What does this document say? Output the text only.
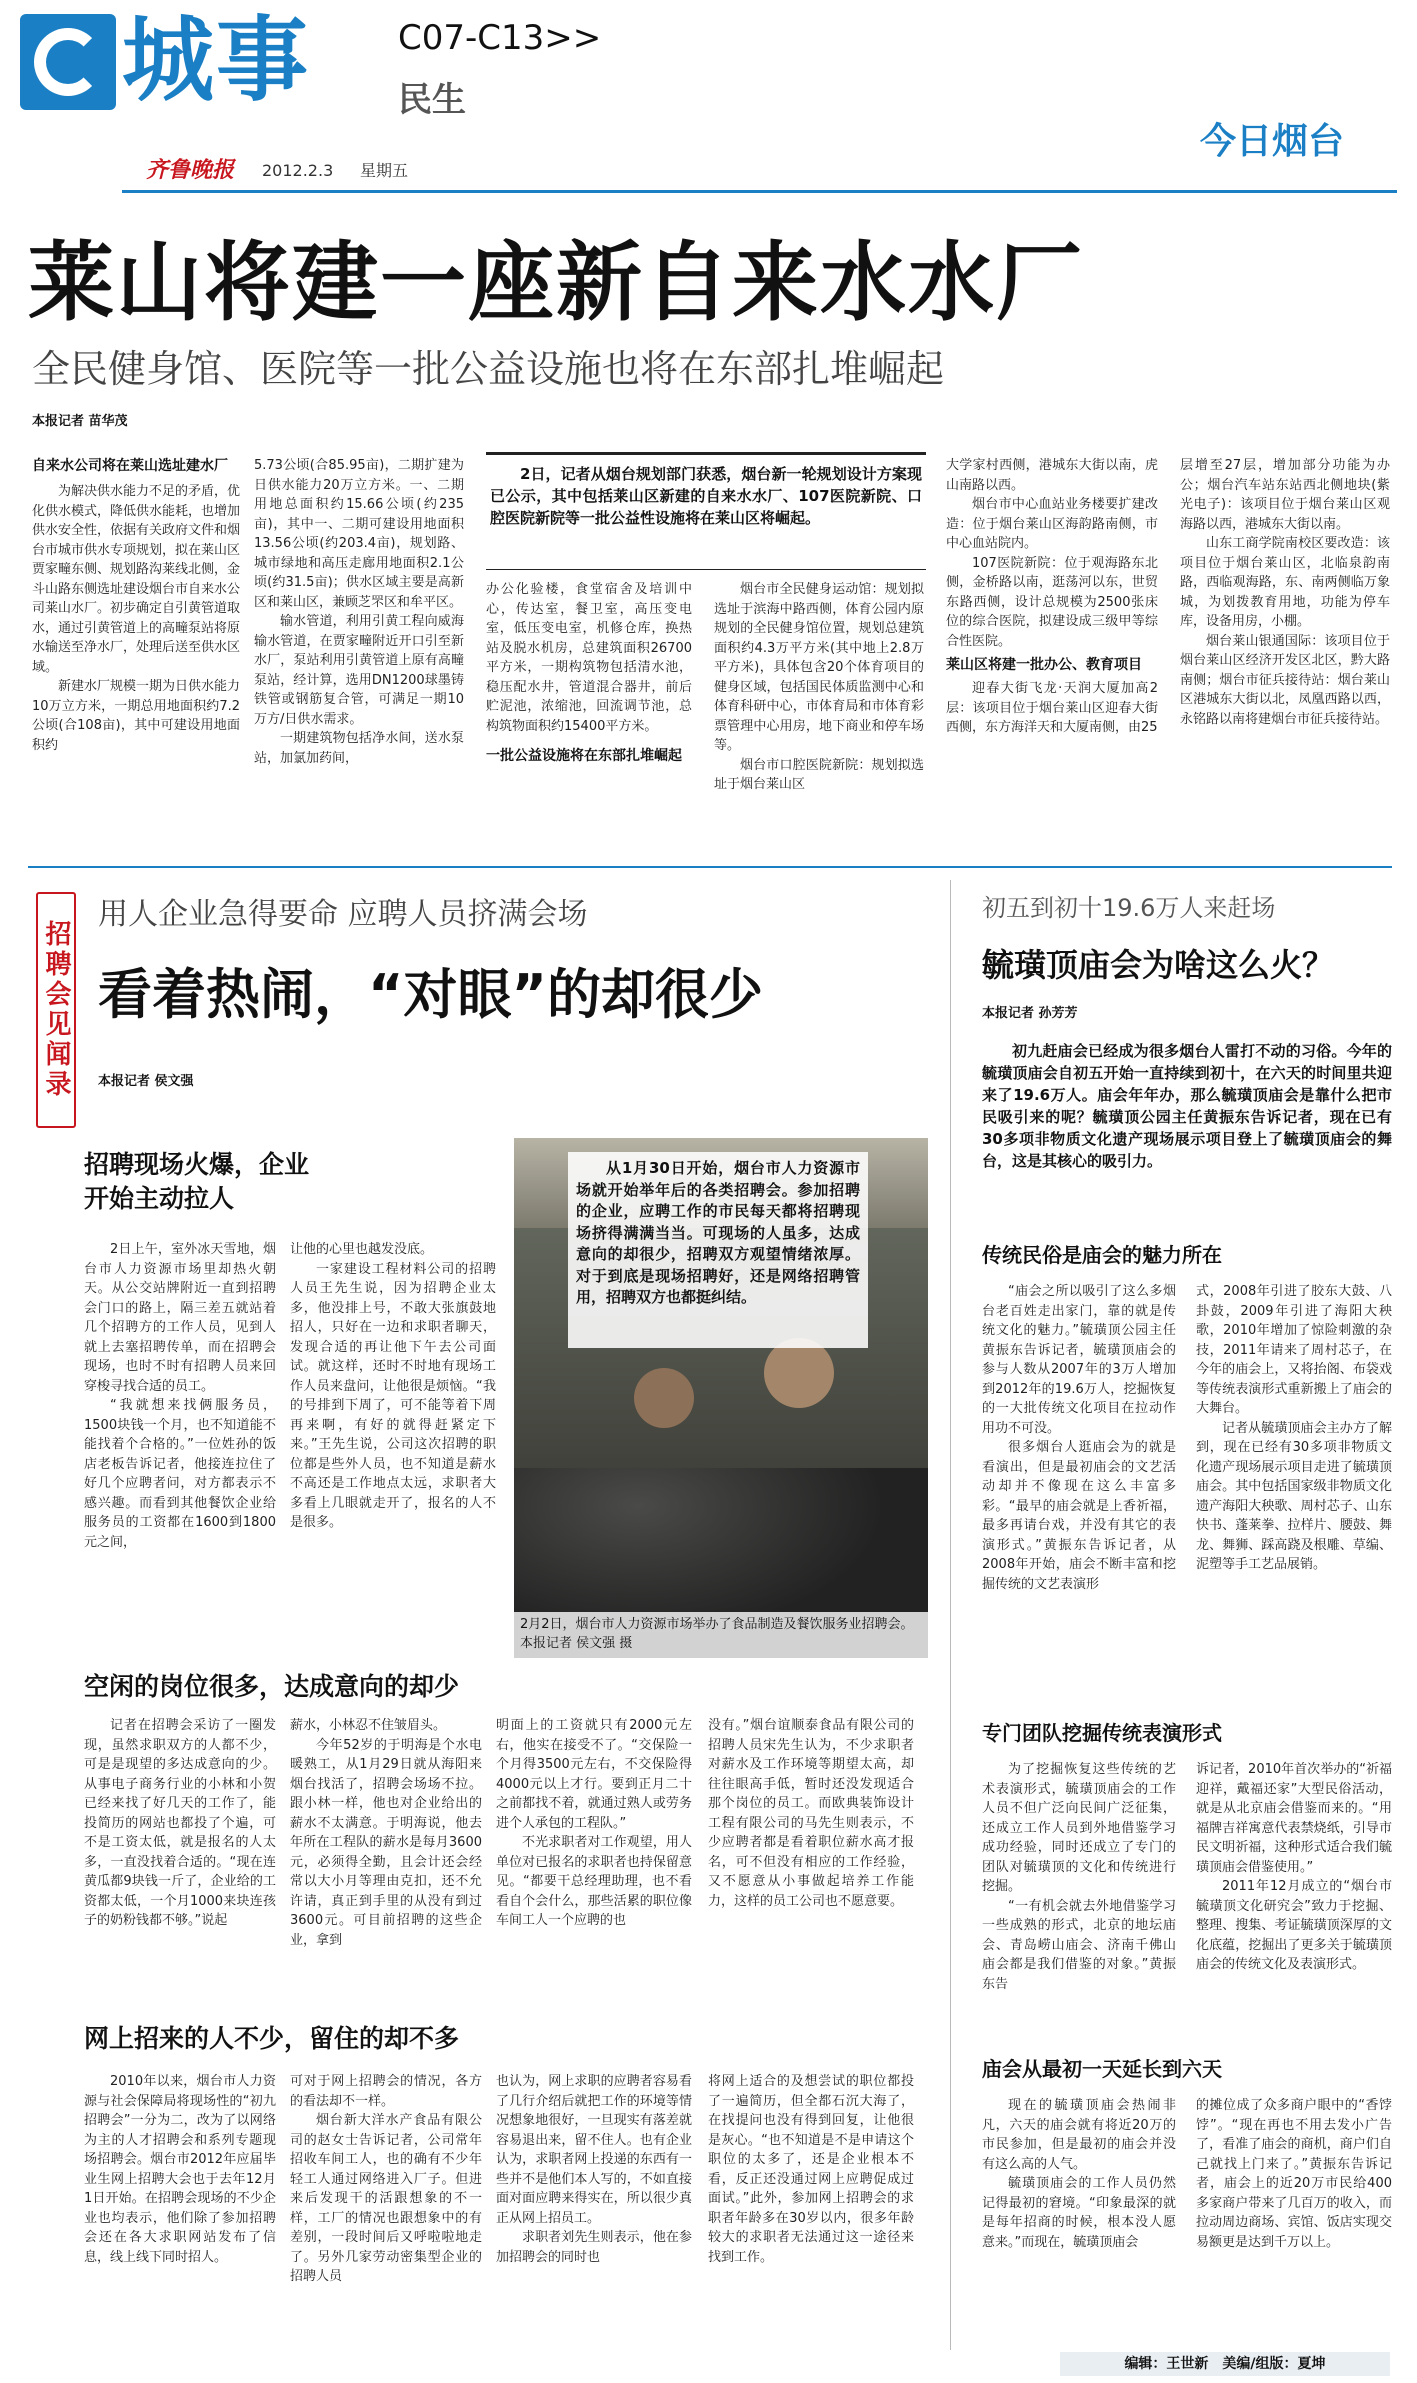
城事	C07-C13>>
民生
齐鲁晚报 2012.2.3 星期五
今日烟台
莱山将建一座新自来水水厂
全民健身馆、医院等一批公益设施也将在东部扎堆崛起
本报记者 苗华茂
自来水公司将在莱山选址建水厂
为解决供水能力不足的矛盾，优化供水模式，降低供水能耗，也增加供水安全性，依据有关政府文件和烟台市城市供水专项规划，拟在莱山区贾家疃东侧、规划路沟莱线北侧，金斗山路东侧选址建设烟台市自来水公司莱山水厂。初步确定自引黄管道取水，通过引黄管道上的高疃泵站将原水输送至净水厂，处理后送至供水区域。
新建水厂规模一期为日供水能力10万立方米，一期总用地面积约7.2公顷(合108亩)，其中可建设用地面积约
5.73公顷(合85.95亩)，二期扩建为日供水能力20万立方米。一、二期用地总面积约15.66公顷(约235亩)，其中一、二期可建设用地面积13.56公顷(约203.4亩)，规划路、城市绿地和高压走廊用地面积2.1公顷(约31.5亩)；供水区域主要是高新区和莱山区，兼顾芝罘区和牟平区。
输水管道，利用引黄工程向威海输水管道，在贾家疃附近开口引至新水厂，泵站利用引黄管道上原有高疃泵站，经计算，选用DN1200球墨铸铁管或钢筋复合管，可满足一期10万方/日供水需求。
一期建筑物包括净水间，送水泵站，加氯加药间，
2日，记者从烟台规划部门获悉，烟台新一轮规划设计方案现已公示，其中包括莱山区新建的自来水水厂、107医院新院、口腔医院新院等一批公益性设施将在莱山区将崛起。
办公化验楼，食堂宿舍及培训中心，传达室，餐卫室，高压变电室，低压变电室，机修仓库，换热站及脱水机房，总建筑面积26700平方米，一期构筑物包括清水池，稳压配水井，管道混合器井，前后贮泥池，浓缩池，回流调节池，总构筑物面积约15400平方米。
一批公益设施将在东部扎堆崛起
烟台市全民健身运动馆：规划拟选址于滨海中路西侧，体育公园内原规划的全民健身馆位置，规划总建筑面积约4.3万平方米(其中地上2.8万平方米)，具体包含20个体育项目的健身区域，包括国民体质监测中心和体育科研中心，市体育局和市体育彩票管理中心用房，地下商业和停车场等。
烟台市口腔医院新院：规划拟选址于烟台莱山区
大学家村西侧，港城东大街以南，虎山南路以西。
烟台市中心血站业务楼要扩建改造：位于烟台莱山区海韵路南侧，市中心血站院内。
107医院新院：位于观海路东北侧，金桥路以南，逛荡河以东，世贸东路西侧，设计总规模为2500张床位的综合医院，拟建设成三级甲等综合性医院。
莱山区将建一批办公、教育项目
迎春大街飞龙·天润大厦加高2层：该项目位于烟台莱山区迎春大街西侧，东方海洋天和大厦南侧，由25
层增至27层，增加部分功能为办公；烟台汽车站东站西北侧地块(紫光电子)：该项目位于烟台莱山区观海路以西，港城东大街以南。
山东工商学院南校区要改造：该项目位于烟台莱山区，北临泉韵南路，西临观海路，东、南两侧临万象城，为划拨教育用地，功能为停车库，设备用房，小棚。
烟台莱山银通国际：该项目位于烟台莱山区经济开发区北区，黔大路南侧；烟台市征兵接待站：烟台莱山区港城东大街以北，凤凰西路以西，永铭路以南将建烟台市征兵接待站。
招聘会见闻录
用人企业急得要命 应聘人员挤满会场
看着热闹，“对眼”的却很少
本报记者 侯文强
招聘现场火爆，企业开始主动拉人
2日上午，室外冰天雪地，烟台市人力资源市场里却热火朝天。从公交站牌附近一直到招聘会门口的路上，隔三差五就站着几个招聘方的工作人员，见到人就上去塞招聘传单，而在招聘会现场，也时不时有招聘人员来回穿梭寻找合适的员工。
“我就想来找俩服务员，1500块钱一个月，也不知道能不能找着个合格的。”一位姓孙的饭店老板告诉记者，他接连拉住了好几个应聘者问，对方都表示不感兴趣。而看到其他餐饮企业给服务员的工资都在1600到1800元之间，
让他的心里也越发没底。
一家建设工程材料公司的招聘人员王先生说，因为招聘企业太多，他没排上号，不敢大张旗鼓地招人，只好在一边和求职者聊天，发现合适的再让他下午去公司面试。就这样，还时不时地有现场工作人员来盘问，让他很是烦恼。“我的号排到下周了，可不能等着下周再来啊，有好的就得赶紧定下来。”王先生说，公司这次招聘的职位都是些外人员，也不知道是薪水不高还是工作地点太远，求职者大多看上几眼就走开了，报名的人不是很多。
从1月30日开始，烟台市人力资源市场就开始举年后的各类招聘会。参加招聘的企业，应聘工作的市民每天都将招聘现场挤得满满当当。可现场的人虽多，达成意向的却很少，招聘双方观望情绪浓厚。对于到底是现场招聘好，还是网络招聘管用，招聘双方也都挺纠结。
2月2日，烟台市人力资源市场举办了食品制造及餐饮服务业招聘会。 本报记者 侯文强 摄
空闲的岗位很多，达成意向的却少
记者在招聘会采访了一圈发现，虽然求职双方的人都不少，可是是现望的多达成意向的少。从事电子商务行业的小林和小贺已经来找了好几天的工作了，能投简历的网站也都投了个遍，可不是工资太低，就是报名的人太多，一直没找着合适的。“现在连黄瓜都9块钱一斤了，企业给的工资都太低，一个月1000来块连孩子的奶粉钱都不够。”说起
薪水，小林忍不住皱眉头。
今年52岁的于明海是个水电暖熟工，从1月29日就从海阳来烟台找活了，招聘会场场不拉。跟小林一样，他也对企业给出的薪水不太满意。于明海说，他去年所在工程队的薪水是每月3600元，必须得全勤，且会计还会经常以大小月等理由克扣，还不允许请，真正到手里的从没有到过3600元。可目前招聘的这些企业，拿到
明面上的工资就只有2000元左右，他实在接受不了。“交保险一个月得3500元左右，不交保险得4000元以上才行。要到正月二十之前都找不着，就通过熟人或劳务进个人承包的工程队。”
不光求职者对工作观望，用人单位对已报名的求职者也持保留意见。“都要干总经理助理，也不看看自个会什么，那些活累的职位像车间工人一个应聘的也
没有。”烟台谊顺泰食品有限公司的招聘人员宋先生认为，不少求职者对薪水及工作环境等期望太高，却往往眼高手低，暂时还没发现适合那个岗位的员工。而欧典装饰设计工程有限公司的马先生则表示，不少应聘者都是看着职位薪水高才报名，可不但没有相应的工作经验，又不愿意从小事做起培养工作能力，这样的员工公司也不愿意要。
网上招来的人不少，留住的却不多
2010年以来，烟台市人力资源与社会保障局将现场性的“初九招聘会”一分为二，改为了以网络为主的人才招聘会和系列专题现场招聘会。烟台市2012年应届毕业生网上招聘大会也于去年12月1日开始。在招聘会现场的不少企业也均表示，他们除了参加招聘会还在各大求职网站发布了信息，线上线下同时招人。
可对于网上招聘会的情况，各方的看法却不一样。
烟台新大洋水产食品有限公司的赵女士告诉记者，公司常年招收车间工人，也的确有不少年轻工人通过网络进入厂子。但进来后发现干的活跟想象的不一样，工厂的情况也跟想象中的有差别，一段时间后又呼啦啦地走了。另外几家劳动密集型企业的招聘人员
也认为，网上求职的应聘者容易看了几行介绍后就把工作的环境等情况想象地很好，一旦现实有落差就容易退出来，留不住人。也有企业认为，求职者网上投递的东西有一些并不是他们本人写的，不如直接面对面应聘来得实在，所以很少真正从网上招员工。
求职者刘先生则表示，他在参加招聘会的同时也
将网上适合的及想尝试的职位都投了一遍简历，但全都石沉大海了，在找提问也没有得到回复，让他很是灰心。“也不知道是不是申请这个职位的太多了，还是企业根本不看，反正还没通过网上应聘促成过面试。”此外，参加网上招聘会的求职者年龄多在30岁以内，很多年龄较大的求职者无法通过这一途径来找到工作。
初五到初十19.6万人来赶场
毓璜顶庙会为啥这么火？
本报记者 孙芳芳
初九赶庙会已经成为很多烟台人雷打不动的习俗。今年的毓璜顶庙会自初五开始一直持续到初十，在六天的时间里共迎来了19.6万人。庙会年年办，那么毓璜顶庙会是靠什么把市民吸引来的呢？毓璜顶公园主任黄振东告诉记者，现在已有30多项非物质文化遗产现场展示项目登上了毓璜顶庙会的舞台，这是其核心的吸引力。
传统民俗是庙会的魅力所在
“庙会之所以吸引了这么多烟台老百姓走出家门，靠的就是传统文化的魅力。”毓璜顶公园主任黄振东告诉记者，毓璜顶庙会的参与人数从2007年的3万人增加到2012年的19.6万人，挖掘恢复的一大批传统文化项目在拉动作用功不可没。
很多烟台人逛庙会为的就是看演出，但是最初庙会的文艺活动却并不像现在这么丰富多彩。“最早的庙会就是上香祈福，最多再请台戏，并没有其它的表演形式。”黄振东告诉记者，从2008年开始，庙会不断丰富和挖掘传统的文艺表演形
式，2008年引进了胶东大鼓、八卦鼓，2009年引进了海阳大秧歌，2010年增加了惊险刺激的杂技，2011年请来了周村芯子，在今年的庙会上，又将抬阁、布袋戏等传统表演形式重新搬上了庙会的大舞台。
记者从毓璜顶庙会主办方了解到，现在已经有30多项非物质文化遗产现场展示项目走进了毓璜顶庙会。其中包括国家级非物质文化遗产海阳大秧歌、周村芯子、山东快书、蓬莱拳、拉样片、腰鼓、舞龙、舞狮、踩高跷及根雕、草编、泥塑等手工艺品展销。
专门团队挖掘传统表演形式
为了挖掘恢复这些传统的艺术表演形式，毓璜顶庙会的工作人员不但广泛向民间广泛征集，还成立工作人员到外地借鉴学习成功经验，同时还成立了专门的团队对毓璜顶的文化和传统进行挖掘。
“一有机会就去外地借鉴学习一些成熟的形式，北京的地坛庙会、青岛崂山庙会、济南千佛山庙会都是我们借鉴的对象。”黄振东告
诉记者，2010年首次举办的“祈福迎祥，戴福还家”大型民俗活动，就是从北京庙会借鉴而来的。“用福牌吉祥寓意代表禁烧纸，引导市民文明祈福，这种形式适合我们毓璜顶庙会借鉴使用。”
2011年12月成立的“烟台市毓璜顶文化研究会”致力于挖掘、整理、搜集、考证毓璜顶深厚的文化底蕴，挖掘出了更多关于毓璜顶庙会的传统文化及表演形式。
庙会从最初一天延长到六天
现在的毓璜顶庙会热闹非凡，六天的庙会就有将近20万的市民参加，但是最初的庙会并没有这么高的人气。
毓璜顶庙会的工作人员仍然记得最初的窘境。“印象最深的就是每年招商的时候，根本没人愿意来。”而现在，毓璜顶庙会
的摊位成了众多商户眼中的“香饽饽”。“现在再也不用去发小广告了，看准了庙会的商机，商户们自己就找上门来了。”黄振东告诉记者，庙会上的近20万市民给400多家商户带来了几百万的收入，而拉动周边商场、宾馆、饭店实现交易额更是达到千万以上。
编辑：王世新　美编/组版：夏坤
